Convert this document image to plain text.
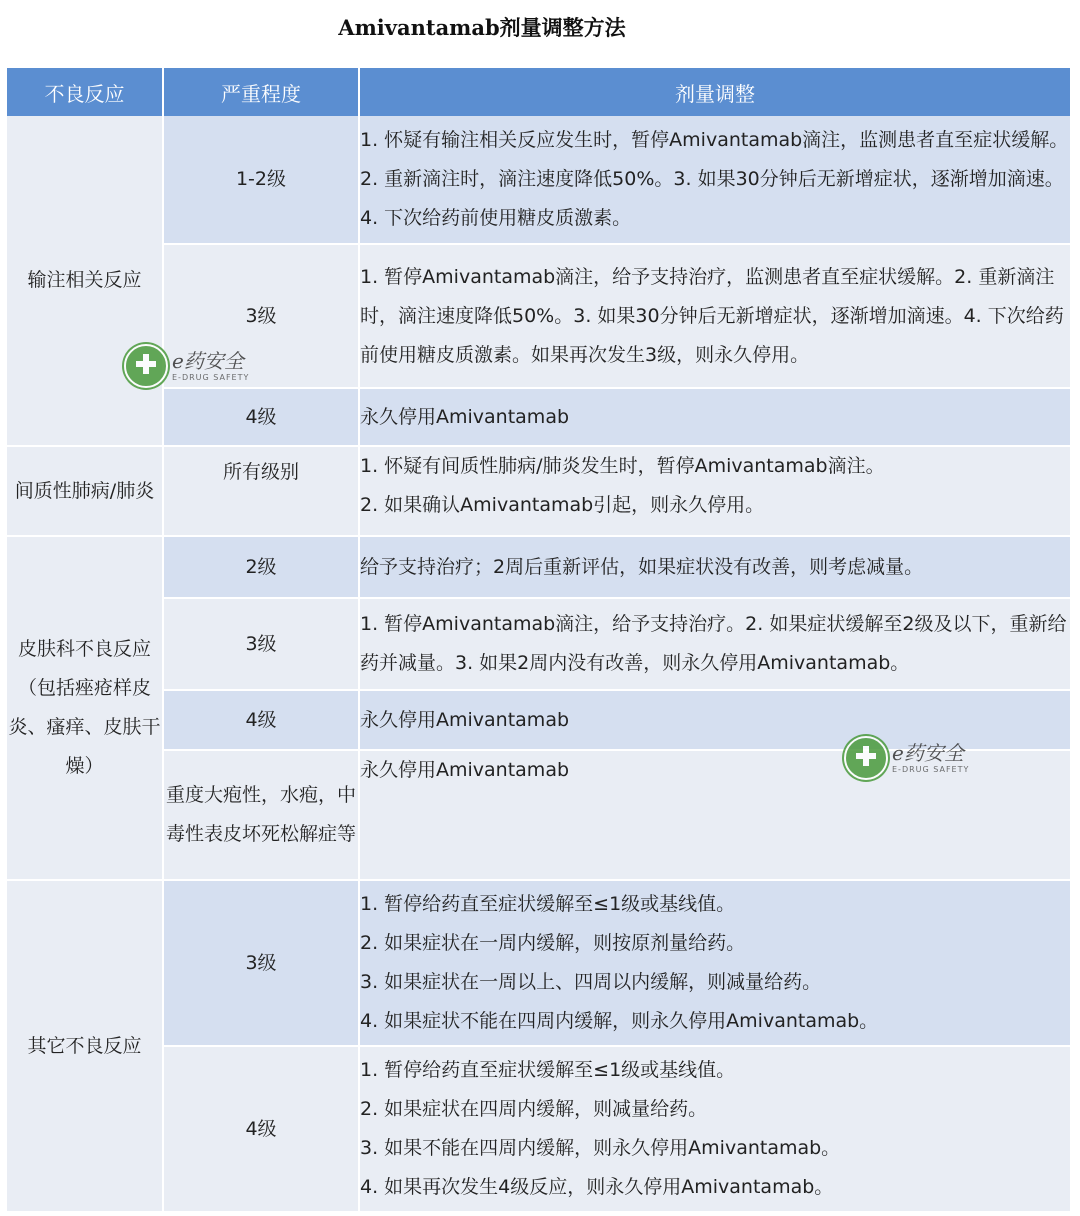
Amivantamab剂量调整方法
不良反应	严重程度	剂量调整
输注相关反应	1-2级	1. 怀疑有输注相关反应发生时，暂停Amivantamab滴注，监测患者直至症状缓解。2. 重新滴注时，滴注速度降低50%。3. 如果30分钟后无新增症状，逐渐增加滴速。4. 下次给药前使用糖皮质激素。

	3级	1. 暂停Amivantamab滴注，给予支持治疗，监测患者直至症状缓解。2. 重新滴注时，滴注速度降低50%。3. 如果30分钟后无新增症状，逐渐增加滴速。4. 下次给药前使用糖皮质激素。如果再次发生3级，则永久停用。

	4级	永久停用Amivantamab

间质性肺病/肺炎	所有级别	1. 怀疑有间质性肺病/肺炎发生时，暂停Amivantamab滴注。
2. 如果确认Amivantamab引起，则永久停用。

皮肤科不良反应（包括痤疮样皮炎、瘙痒、皮肤干燥）	2级	给予支持治疗；2周后重新评估，如果症状没有改善，则考虑减量。

	3级	1. 暂停Amivantamab滴注，给予支持治疗。2. 如果症状缓解至2级及以下，重新给药并减量。3. 如果2周内没有改善，则永久停用Amivantamab。

	4级	永久停用Amivantamab

	重度大疱性，水疱，中毒性表皮坏死松解症等	永久停用Amivantamab

其它不良反应	3级	1. 暂停给药直至症状缓解至≤1级或基线值。
2. 如果症状在一周内缓解，则按原剂量给药。
3. 如果症状在一周以上、四周以内缓解，则减量给药。
4. 如果症状不能在四周内缓解，则永久停用Amivantamab。

	4级	1. 暂停给药直至症状缓解至≤1级或基线值。
2. 如果症状在四周内缓解，则减量给药。
3. 如果不能在四周内缓解，则永久停用Amivantamab。
4. 如果再次发生4级反应，则永久停用Amivantamab。
e药安全
E-DRUG SAFETY
e药安全
E-DRUG SAFETY
